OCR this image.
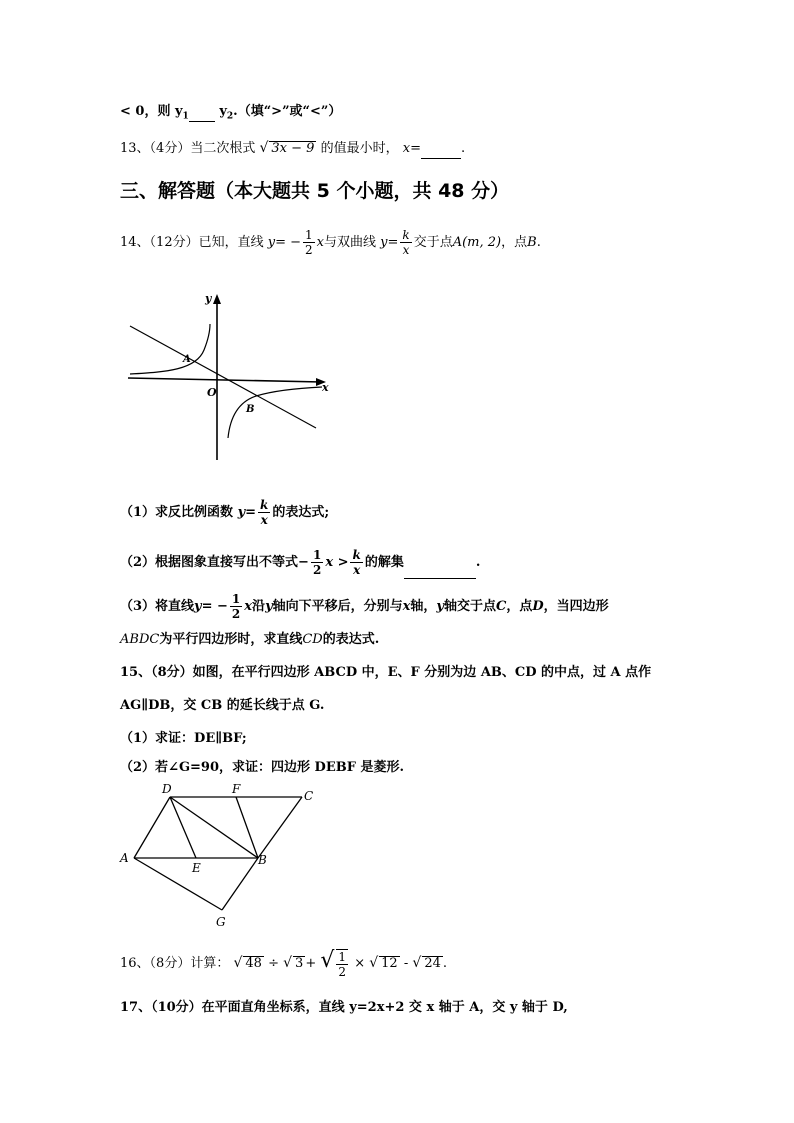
< 0，则 $y_1$  $y_2$.（填“>”或“<”）
13、（4分）当二次根式 √ 3x − 9 的值最小时， x=	.
三、解答题（本大题共 5 个小题，共 48 分）
14、（12分）已知，直线 $y= - \frac{1}{2}$ x与双曲线 $y= \frac{k}{x}$ 交于点A(m, 2)，点B.
y
x
O
A
B
（1）求反比例函数 $y= \frac{k}{x}$ 的表达式;
（2）根据图象直接写出不等式− $\frac{1}{2}$ $x > \frac{k}{x}$ 的解集	.
（3）将直线$y= - \frac{1}{2}$ x沿y轴向下平移后，分别与x轴，y轴交于点C，点D，当四边形
ABDC为平行四边形时，求直线CD的表达式.
15、（8分）如图，在平行四边形 ABCD 中，E、F 分别为边 AB、CD 的中点，过 A 点作
AG∥DB，交 CB 的延长线于点 G.
（1）求证：DE∥BF;
（2）若∠G=90，求证：四边形 DEBF 是菱形.
D	F	C
A
E
B
G
16、（8分）计算： √ 48 ÷ √ 3 + √ $\frac{1}{2}$ × √ 12 - √ 24 .
17、（10分）在平面直角坐标系，直线 y=2x+2 交 x 轴于 A，交 y 轴于 D,
